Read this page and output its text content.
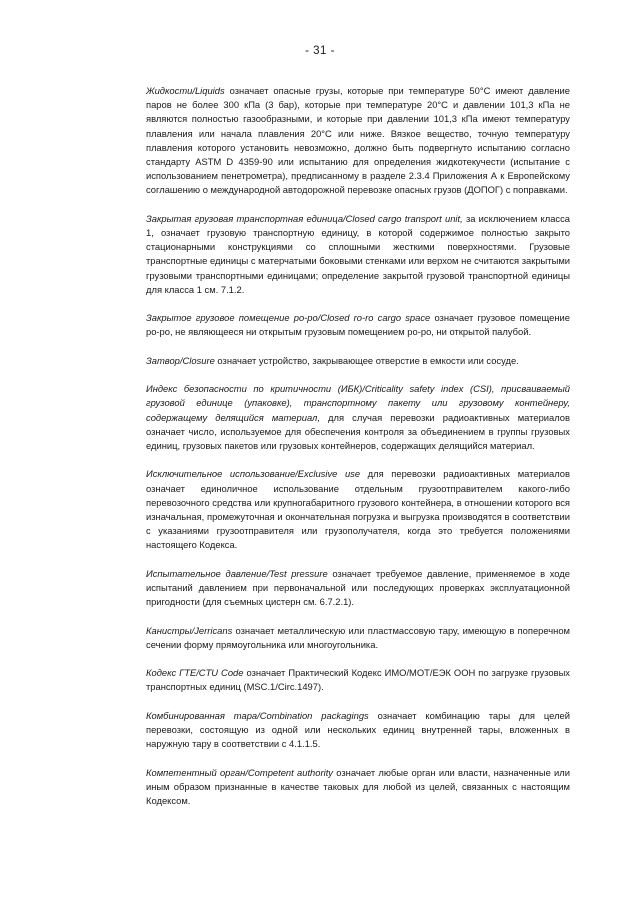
- 31 -

Жидкости/Liquids означает опасные грузы, которые при температуре 50°C имеют давление паров не более 300 кПа (3 бар), которые при температуре 20°C и давлении 101,3 кПа не являются полностью газообразными, и которые при давлении 101,3 кПа имеют температуру плавления или начала плавления 20°C или ниже. Вязкое вещество, точную температуру плавления которого установить невозможно, должно быть подвергнуто испытанию согласно стандарту ASTM D 4359-90 или испытанию для определения жидкотекучести (испытание с использованием пенетрометра), предписанному в разделе 2.3.4 Приложения А к Европейскому соглашению о международной автодорожной перевозке опасных грузов (ДОПОГ) с поправками.

Закрытая грузовая транспортная единица/Closed cargo transport unit, за исключением класса 1, означает грузовую транспортную единицу, в которой содержимое полностью закрыто стационарными конструкциями со сплошными жесткими поверхностями. Грузовые транспортные единицы с матерчатыми боковыми стенками или верхом не считаются закрытыми грузовыми транспортными единицами; определение закрытой грузовой транспортной единицы для класса 1 см. 7.1.2.

Закрытое грузовое помещение ро-ро/Closed ro-ro cargo space означает грузовое помещение ро-ро, не являющееся ни открытым грузовым помещением ро-ро, ни открытой палубой.

Затвор/Closure означает устройство, закрывающее отверстие в емкости или сосуде.

Индекс безопасности по критичности (ИБК)/Criticality safety index (CSI), присваиваемый грузовой единице (упаковке), транспортному пакету или грузовому контейнеру, содержащему делящийся материал, для случая перевозки радиоактивных материалов означает число, используемое для обеспечения контроля за объединением в группы грузовых единиц, грузовых пакетов или грузовых контейнеров, содержащих делящийся материал.

Исключительное использование/Exclusive use для перевозки радиоактивных материалов означает единоличное использование отдельным грузоотправителем какого-либо перевозочного средства или крупногабаритного грузового контейнера, в отношении которого вся изначальная, промежуточная и окончательная погрузка и выгрузка производятся в соответствии с указаниями грузоотправителя или грузополучателя, когда это требуется положениями настоящего Кодекса.

Испытательное давление/Test pressure означает требуемое давление, применяемое в ходе испытаний давлением при первоначальной или последующих проверках эксплуатационной пригодности (для съемных цистерн см. 6.7.2.1).

Канистры/Jerricans означает металлическую или пластмассовую тару, имеющую в поперечном сечении форму прямоугольника или многоугольника.

Кодекс ГТЕ/CTU Code означает Практический Кодекс ИМО/МОТ/ЕЭК ООН по загрузке грузовых транспортных единиц (MSC.1/Circ.1497).

Комбинированная тара/Combination packagings означает комбинацию тары для целей перевозки, состоящую из одной или нескольких единиц внутренней тары, вложенных в наружную тару в соответствии с 4.1.1.5.

Компетентный орган/Competent authority означает любые орган или власти, назначенные или иным образом признанные в качестве таковых для любой из целей, связанных с настоящим Кодексом.
